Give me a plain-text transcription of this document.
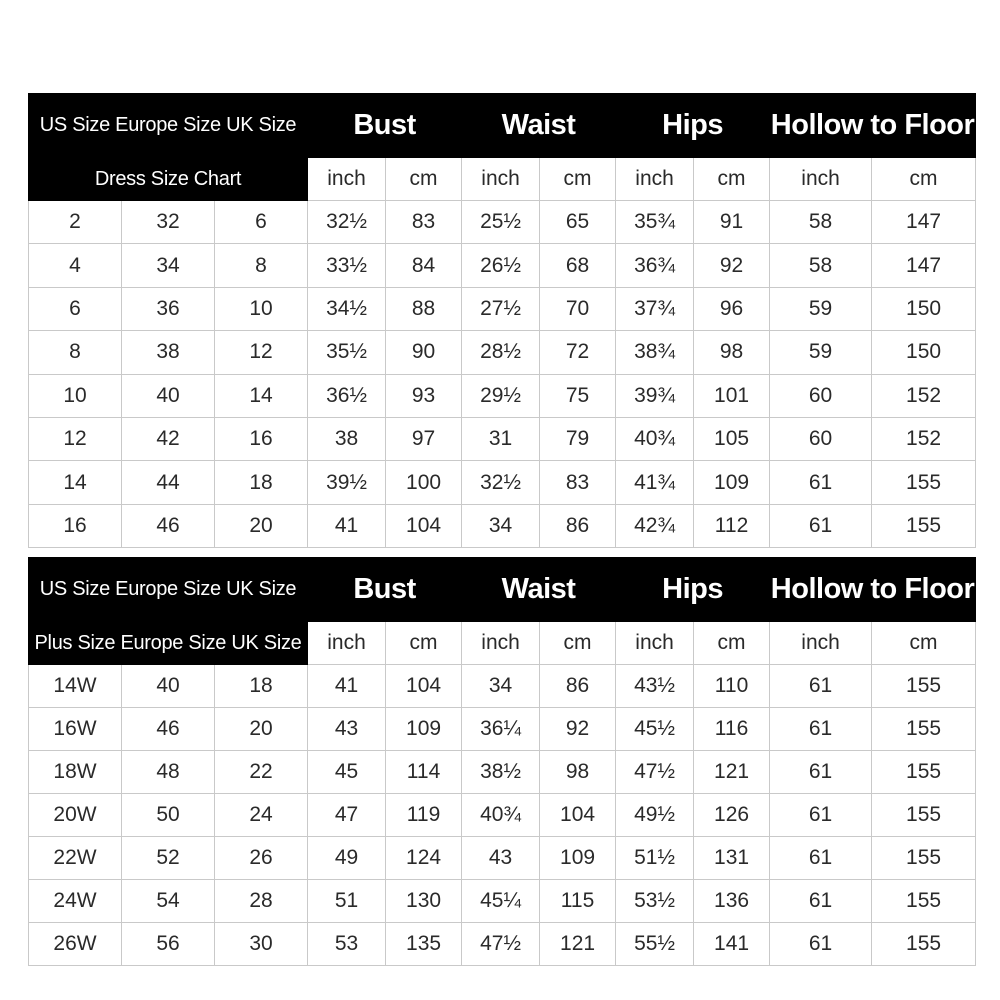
US Size Europe Size UK Size			Bust		Waist		Hips		Hollow to Floor	
Dress Size Chart			inch	cm	inch	cm	inch	cm	inch	cm
2	32	6	32½	83	25½	65	35¾	91	58	147
4	34	8	33½	84	26½	68	36¾	92	58	147
6	36	10	34½	88	27½	70	37¾	96	59	150
8	38	12	35½	90	28½	72	38¾	98	59	150
10	40	14	36½	93	29½	75	39¾	101	60	152
12	42	16	38	97	31	79	40¾	105	60	152
14	44	18	39½	100	32½	83	41¾	109	61	155
16	46	20	41	104	34	86	42¾	112	61	155
US Size Europe Size UK Size			Bust		Waist		Hips		Hollow to Floor	
Plus Size Europe Size UK Size			inch	cm	inch	cm	inch	cm	inch	cm
14W	40	18	41	104	34	86	43½	110	61	155
16W	46	20	43	109	36¼	92	45½	116	61	155
18W	48	22	45	114	38½	98	47½	121	61	155
20W	50	24	47	119	40¾	104	49½	126	61	155
22W	52	26	49	124	43	109	51½	131	61	155
24W	54	28	51	130	45¼	115	53½	136	61	155
26W	56	30	53	135	47½	121	55½	141	61	155
